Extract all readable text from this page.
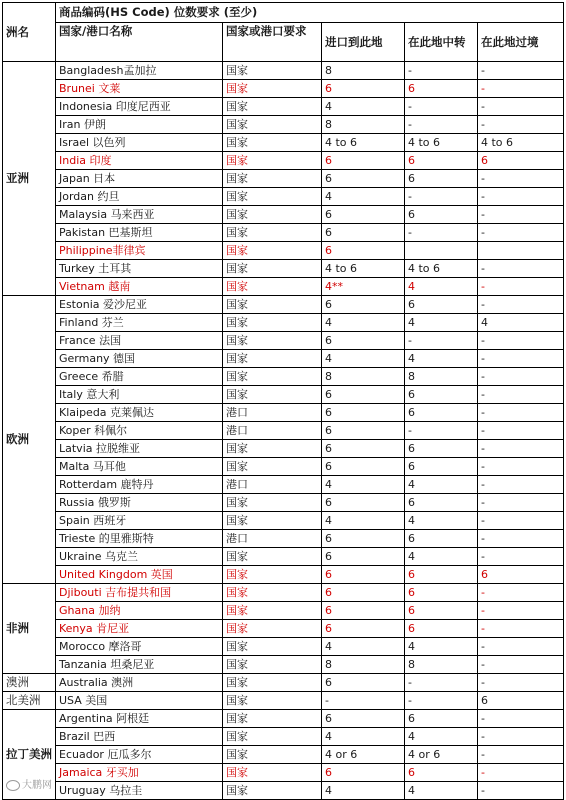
洲名	商品编码(HS Code) 位数要求 (至少)				
	国家/港口名称	国家或港口要求	进口到此地	在此地中转	在此地过境
亚洲	Bangladesh孟加拉	国家	8	-	-
	Brunei 文莱	国家	6	6	-
	Indonesia 印度尼西亚	国家	4	-	-
	Iran 伊朗	国家	8	-	-
	Israel 以色列	国家	4 to 6	4 to 6	4 to 6
	India 印度	国家	6	6	6
	Japan 日本	国家	6	6	-
	Jordan 约旦	国家	4	-	-
	Malaysia 马来西亚	国家	6	6	-
	Pakistan 巴基斯坦	国家	6	-	-
	Philippine菲律宾	国家	6		
	Turkey 土耳其	国家	4 to 6	4 to 6	-
	Vietnam 越南	国家	4**	4	-
欧洲	Estonia 爱沙尼亚	国家	6	6	-
	Finland 芬兰	国家	4	4	4
	France 法国	国家	6	-	-
	Germany 德国	国家	4	4	-
	Greece 希腊	国家	8	8	-
	Italy 意大利	国家	6	6	-
	Klaipeda 克莱佩达	港口	6	6	-
	Koper 科佩尔	港口	6	-	-
	Latvia 拉脱维亚	国家	6	6	-
	Malta 马耳他	国家	6	6	-
	Rotterdam 鹿特丹	港口	4	4	-
	Russia 俄罗斯	国家	6	6	-
	Spain 西班牙	国家	4	4	-
	Trieste 的里雅斯特	港口	6	6	-
	Ukraine 乌克兰	国家	6	4	-
	United Kingdom 英国	国家	6	6	6
非洲	Djibouti 吉布提共和国	国家	6	6	-
	Ghana 加纳	国家	6	6	-
	Kenya 肯尼亚	国家	6	6	-
	Morocco 摩洛哥	国家	4	4	-
	Tanzania 坦桑尼亚	国家	8	8	-
澳洲	Australia 澳洲	国家	6	-	-
北美洲	USA 美国	国家	-	-	6
拉丁美洲	Argentina 阿根廷	国家	6	6	-
	Brazil 巴西	国家	4	4	-
	Ecuador 厄瓜多尔	国家	4 or 6	4 or 6	-
	Jamaica 牙买加	国家	6	6	-
	Uruguay 乌拉圭	国家	4	4	-
大鹏网
